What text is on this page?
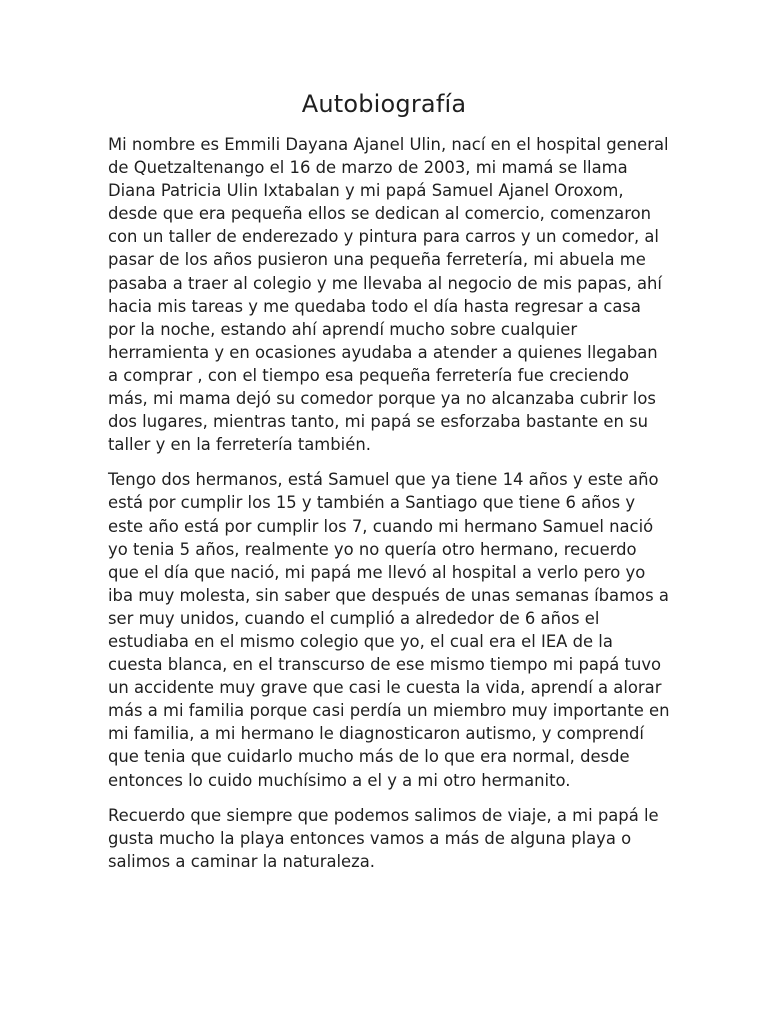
Autobiografía

Mi nombre es Emmili Dayana Ajanel Ulin, nací en el hospital general de Quetzaltenango el 16 de marzo de 2003, mi mamá se llama Diana Patricia Ulin Ixtabalan y mi papá Samuel Ajanel Oroxom, desde que era pequeña ellos se dedican al comercio, comenzaron con un taller de enderezado y pintura para carros y un comedor, al pasar de los años pusieron una pequeña ferretería, mi abuela me pasaba a traer al colegio y me llevaba al negocio de mis papas, ahí hacia mis tareas y me quedaba todo el día hasta regresar a casa por la noche, estando ahí aprendí mucho sobre cualquier herramienta y en ocasiones ayudaba a atender a quienes llegaban a comprar , con el tiempo esa pequeña ferretería fue creciendo más, mi mama dejó su comedor porque ya no alcanzaba cubrir los dos lugares, mientras tanto, mi papá se esforzaba bastante en su taller y en la ferretería también.

Tengo dos hermanos, está Samuel que ya tiene 14 años y este año está por cumplir los 15 y también a Santiago que tiene 6 años y este año está por cumplir los 7, cuando mi hermano Samuel nació yo tenia 5 años, realmente yo no quería otro hermano, recuerdo que el día que nació, mi papá me llevó al hospital a verlo pero yo iba muy molesta, sin saber que después de unas semanas íbamos a ser muy unidos, cuando el cumplió a alrededor de 6 años el estudiaba en el mismo colegio que yo, el cual era el IEA de la cuesta blanca, en el transcurso de ese mismo tiempo mi papá tuvo un accidente muy grave que casi le cuesta la vida, aprendí a alorar más a mi familia porque casi perdía un miembro muy importante en mi familia, a mi hermano le diagnosticaron autismo, y comprendí que tenia que cuidarlo mucho más de lo que era normal, desde entonces lo cuido muchísimo a el y a mi otro hermanito.

Recuerdo que siempre que podemos salimos de viaje, a mi papá le gusta mucho la playa entonces vamos a más de alguna playa o salimos a caminar la naturaleza.
